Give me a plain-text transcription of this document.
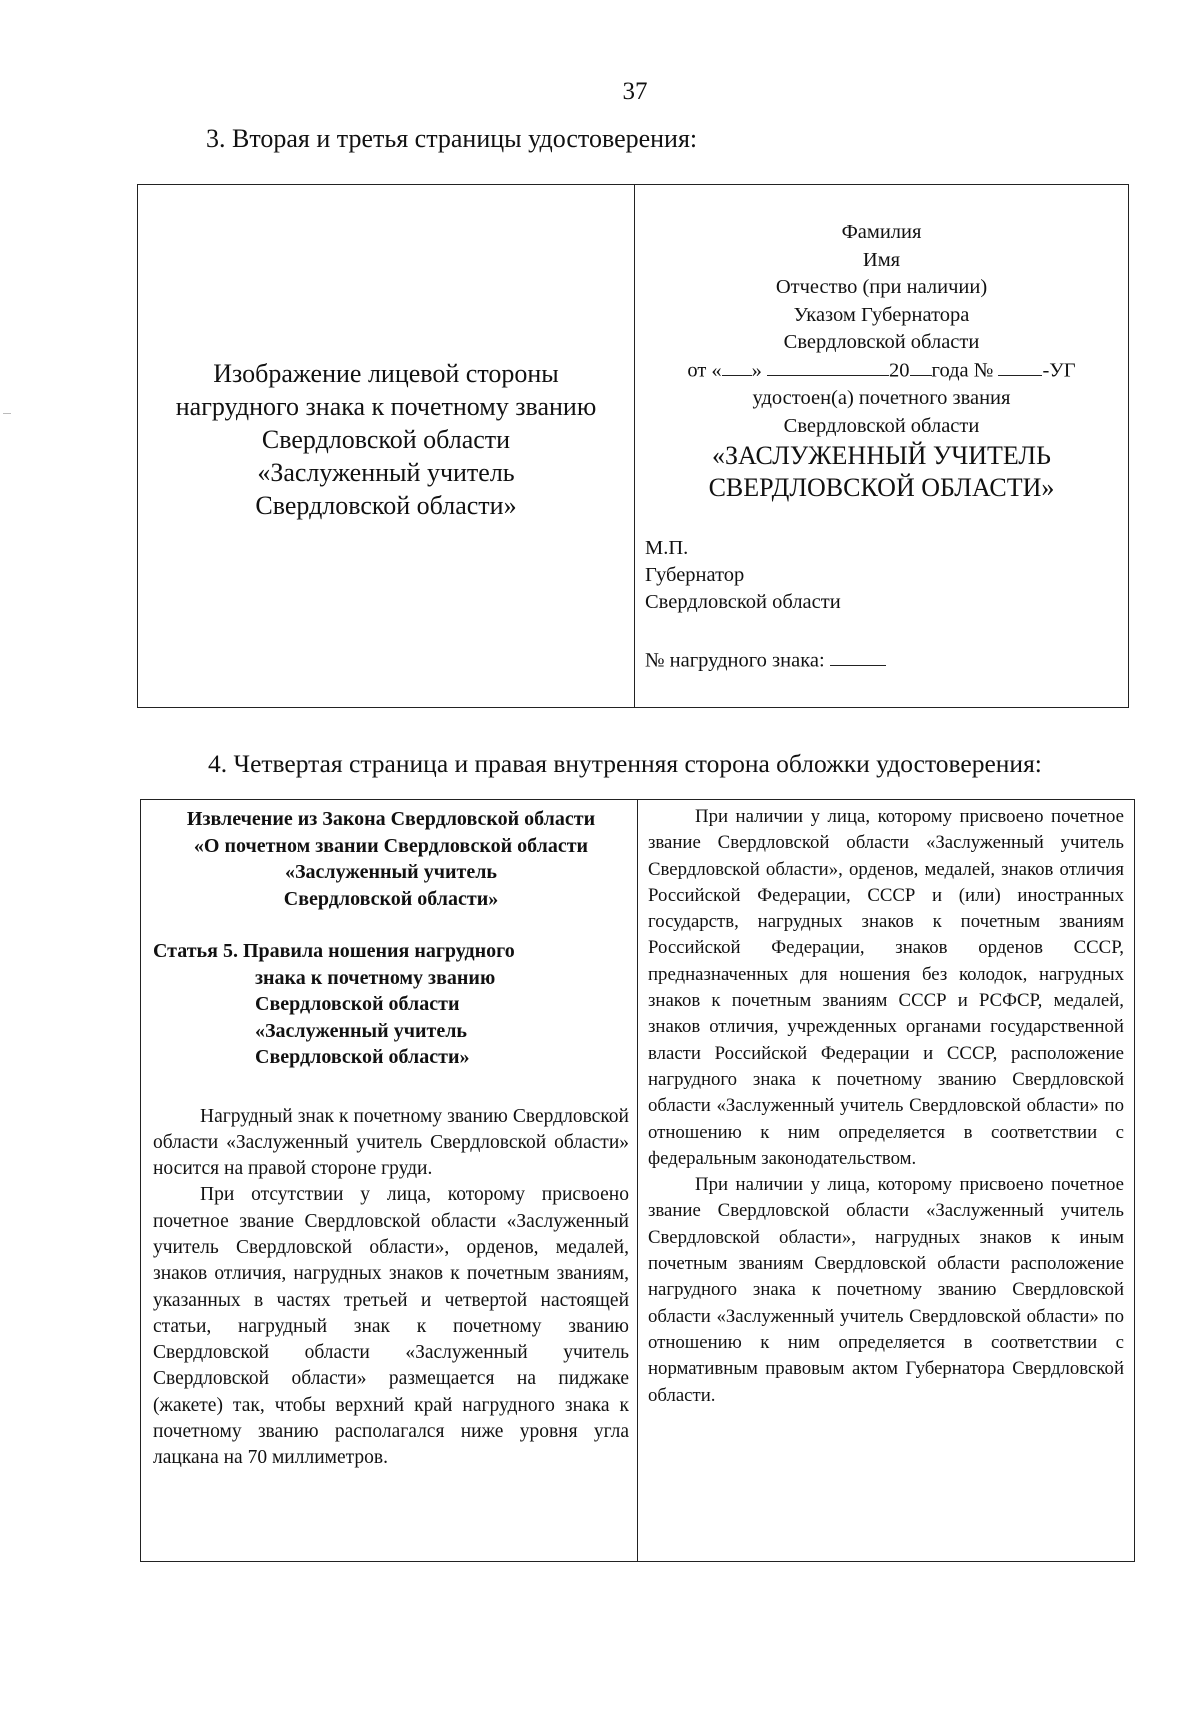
37
3. Вторая и третья страницы удостоверения:
Изображение лицевой стороны
нагрудного знака к почетному званию
Свердловской области
«Заслуженный учитель
Свердловской области»
Фамилия
Имя
Отчество (при наличии)
Указом Губернатора
Свердловской области
от « »	20 года № -УГ
удостоен(а) почетного звания
Свердловской области
«ЗАСЛУЖЕННЫЙ УЧИТЕЛЬ
СВЕРДЛОВСКОЙ ОБЛАСТИ»
М.П.
Губернатор
Свердловской области
№ нагрудного знака:
4. Четвертая страница и правая внутренняя сторона обложки удостоверения:
Извлечение из Закона Свердловской области
«О почетном звании Свердловской области
«Заслуженный учитель
Свердловской области»
Статья 5. Правила ношения нагрудного
знака к почетному званию
Свердловской области
«Заслуженный учитель
Свердловской области»
Нагрудный знак к почетному званию Свердловской области «Заслуженный учитель Свердловской области» носится на правой стороне груди.
При отсутствии у лица, которому присвоено почетное звание Свердловской области «Заслуженный учитель Свердловской области», орденов, медалей, знаков отличия, нагрудных знаков к почетным званиям, указанных в частях третьей и четвертой настоящей статьи, нагрудный знак к почетному званию Свердловской области «Заслуженный учитель Свердловской области» размещается на пиджаке (жакете) так, чтобы верхний край нагрудного знака к почетному званию располагался ниже уровня угла лацкана на 70 миллиметров.
При наличии у лица, которому присвоено почетное звание Свердловской области «Заслуженный учитель Свердловской области», орденов, медалей, знаков отличия Российской Федерации, СССР и (или) иностранных государств, нагрудных знаков к почетным званиям Российской Федерации, знаков орденов СССР, предназначенных для ношения без колодок, нагрудных знаков к почетным званиям СССР и РСФСР, медалей, знаков отличия, учрежденных органами государственной власти Российской Федерации и СССР, расположение нагрудного знака к почетному званию Свердловской области «Заслуженный учитель Свердловской области» по отношению к ним определяется в соответствии с федеральным законодательством.
При наличии у лица, которому присвоено почетное звание Свердловской области «Заслуженный учитель Свердловской области», нагрудных знаков к иным почетным званиям Свердловской области расположение нагрудного знака к почетному званию Свердловской области «Заслуженный учитель Свердловской области» по отношению к ним определяется в соответствии с нормативным правовым актом Губернатора Свердловской области.
